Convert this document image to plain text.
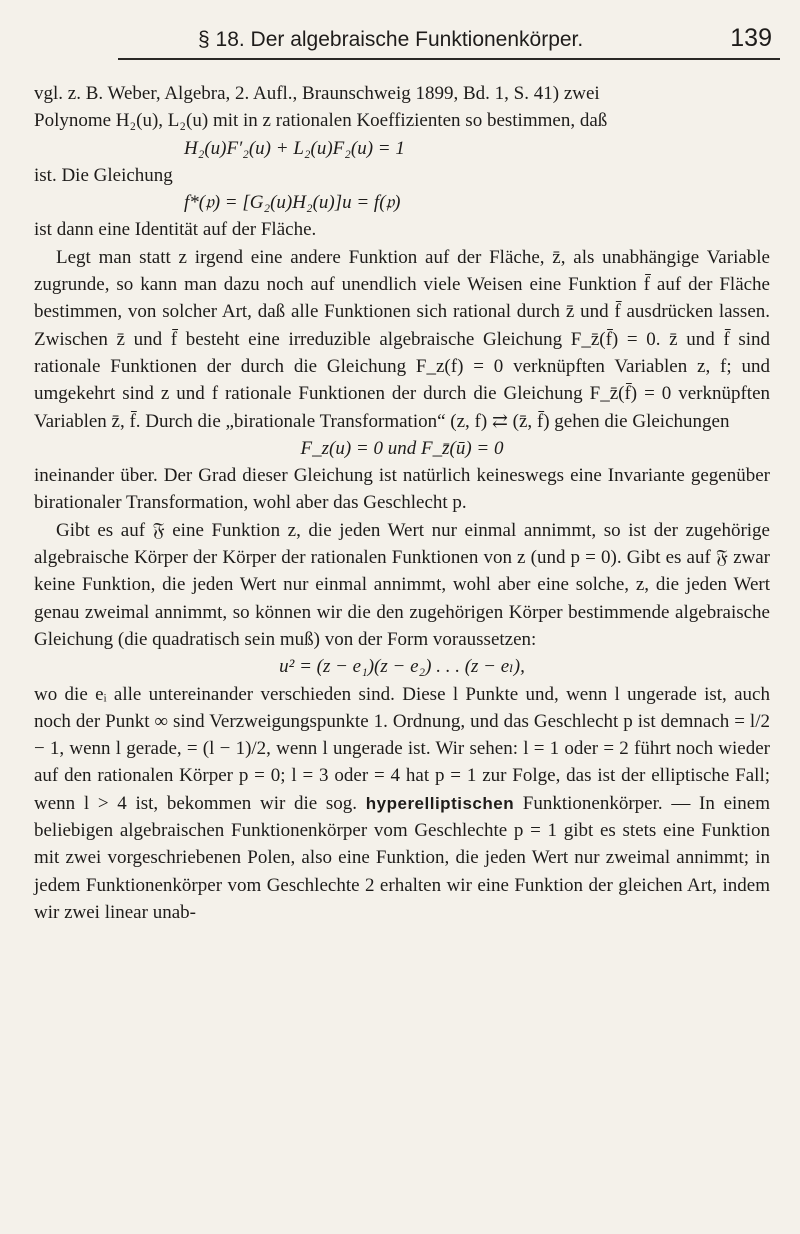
§ 18. Der algebraische Funktionenkörper.	139

vgl. z. B. Weber, Algebra, 2. Aufl., Braunschweig 1899, Bd. 1, S. 41) zwei

Polynome H₂(u), L₂(u) mit in z rationalen Koeffizienten so bestimmen, daß

H₂(u)F′₂(u) + L₂(u)F₂(u) = 1

ist. Die Gleichung

f*(𝔭) = [G₂(u)H₂(u)]u = f(𝔭)

ist dann eine Identität auf der Fläche.

Legt man statt z irgend eine andere Funktion auf der Fläche, z̄, als unabhängige Variable zugrunde, so kann man dazu noch auf unendlich viele Weisen eine Funktion f̄ auf der Fläche bestimmen, von solcher Art, daß alle Funktionen sich rational durch z̄ und f̄ ausdrücken lassen. Zwischen z̄ und f̄ besteht eine irreduzible algebraische Gleichung F_z̄(f̄) = 0. z̄ und f̄ sind rationale Funktionen der durch die Gleichung F_z(f) = 0 verknüpften Variablen z, f; und umgekehrt sind z und f rationale Funktionen der durch die Gleichung F_z̄(f̄) = 0 verknüpften Variablen z̄, f̄. Durch die „birationale Transformation“ (z, f) ⇄ (z̄, f̄) gehen die Gleichungen

F_z(u) = 0 und F_z̄(ū) = 0

ineinander über. Der Grad dieser Gleichung ist natürlich keineswegs eine Invariante gegenüber birationaler Transformation, wohl aber das Geschlecht p.

Gibt es auf 𝔉 eine Funktion z, die jeden Wert nur einmal annimmt, so ist der zugehörige algebraische Körper der Körper der rationalen Funktionen von z (und p = 0). Gibt es auf 𝔉 zwar keine Funktion, die jeden Wert nur einmal annimmt, wohl aber eine solche, z, die jeden Wert genau zweimal annimmt, so können wir die den zugehörigen Körper bestimmende algebraische Gleichung (die quadratisch sein muß) von der Form voraussetzen:

u² = (z − e₁)(z − e₂) . . . (z − eₗ),

wo die eᵢ alle untereinander verschieden sind. Diese l Punkte und, wenn l ungerade ist, auch noch der Punkt ∞ sind Verzweigungspunkte 1. Ordnung, und das Geschlecht p ist demnach = l/2 − 1, wenn l gerade, = (l − 1)/2, wenn l ungerade ist. Wir sehen: l = 1 oder = 2 führt noch wieder auf den rationalen Körper p = 0; l = 3 oder = 4 hat p = 1 zur Folge, das ist der elliptische Fall; wenn l > 4 ist, bekommen wir die sog. hyperelliptischen Funktionenkörper. — In einem beliebigen algebraischen Funktionenkörper vom Geschlechte p = 1 gibt es stets eine Funktion mit zwei vorgeschriebenen Polen, also eine Funktion, die jeden Wert nur zweimal annimmt; in jedem Funktionenkörper vom Geschlechte 2 erhalten wir eine Funktion der gleichen Art, indem wir zwei linear unab-
